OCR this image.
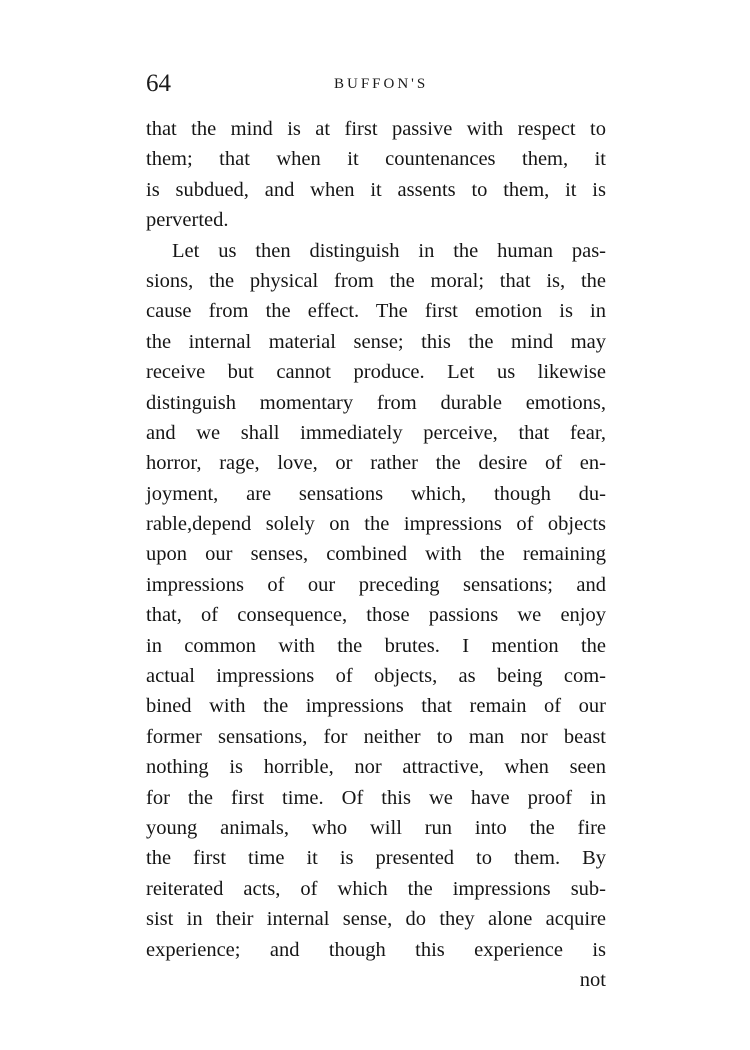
64	BUFFON'S
that the mind is at first passive with respect to
them; that when it countenances them, it
is subdued, and when it assents to them, it is
perverted.
Let us then distinguish in the human pas-
sions, the physical from the moral; that is, the
cause from the effect. The first emotion is in
the internal material sense; this the mind may
receive but cannot produce. Let us likewise
distinguish momentary from durable emotions,
and we shall immediately perceive, that fear,
horror, rage, love, or rather the desire of en-
joyment, are sensations which, though du-
rable,depend solely on the impressions of objects
upon our senses, combined with the remaining
impressions of our preceding sensations; and
that, of consequence, those passions we enjoy
in common with the brutes. I mention the
actual impressions of objects, as being com-
bined with the impressions that remain of our
former sensations, for neither to man nor beast
nothing is horrible, nor attractive, when seen
for the first time. Of this we have proof in
young animals, who will run into the fire
the first time it is presented to them. By
reiterated acts, of which the impressions sub-
sist in their internal sense, do they alone acquire
experience; and though this experience is
not
